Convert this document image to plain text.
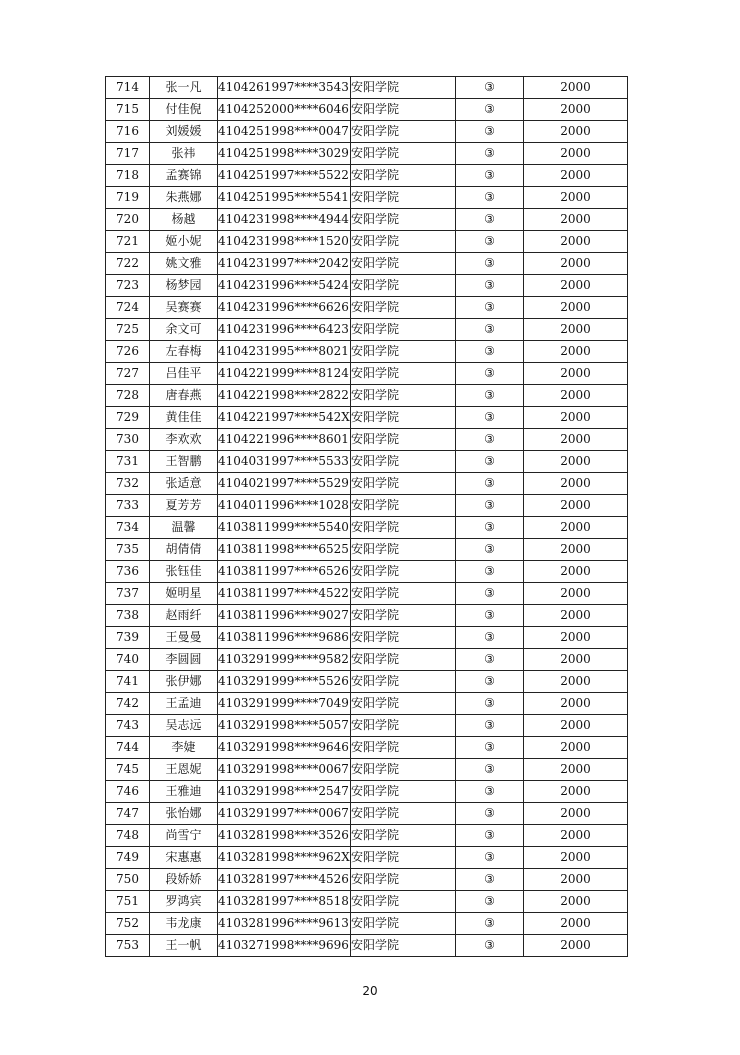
714	张一凡	4104261997****3543	安阳学院	③	2000
715	付佳倪	4104252000****6046	安阳学院	③	2000
716	刘媛媛	4104251998****0047	安阳学院	③	2000
717	张祎	4104251998****3029	安阳学院	③	2000
718	孟赛锦	4104251997****5522	安阳学院	③	2000
719	朱燕娜	4104251995****5541	安阳学院	③	2000
720	杨越	4104231998****4944	安阳学院	③	2000
721	姬小妮	4104231998****1520	安阳学院	③	2000
722	姚文雅	4104231997****2042	安阳学院	③	2000
723	杨梦园	4104231996****5424	安阳学院	③	2000
724	吴赛赛	4104231996****6626	安阳学院	③	2000
725	余文可	4104231996****6423	安阳学院	③	2000
726	左春梅	4104231995****8021	安阳学院	③	2000
727	吕佳平	4104221999****8124	安阳学院	③	2000
728	唐春燕	4104221998****2822	安阳学院	③	2000
729	黄佳佳	4104221997****542X	安阳学院	③	2000
730	李欢欢	4104221996****8601	安阳学院	③	2000
731	王智鹏	4104031997****5533	安阳学院	③	2000
732	张适意	4104021997****5529	安阳学院	③	2000
733	夏芳芳	4104011996****1028	安阳学院	③	2000
734	温馨	4103811999****5540	安阳学院	③	2000
735	胡倩倩	4103811998****6525	安阳学院	③	2000
736	张钰佳	4103811997****6526	安阳学院	③	2000
737	姬明星	4103811997****4522	安阳学院	③	2000
738	赵雨纤	4103811996****9027	安阳学院	③	2000
739	王曼曼	4103811996****9686	安阳学院	③	2000
740	李圆圆	4103291999****9582	安阳学院	③	2000
741	张伊娜	4103291999****5526	安阳学院	③	2000
742	王孟迪	4103291999****7049	安阳学院	③	2000
743	吴志远	4103291998****5057	安阳学院	③	2000
744	李婕	4103291998****9646	安阳学院	③	2000
745	王恩妮	4103291998****0067	安阳学院	③	2000
746	王雅迪	4103291998****2547	安阳学院	③	2000
747	张怡娜	4103291997****0067	安阳学院	③	2000
748	尚雪宁	4103281998****3526	安阳学院	③	2000
749	宋惠惠	4103281998****962X	安阳学院	③	2000
750	段娇娇	4103281997****4526	安阳学院	③	2000
751	罗鸿宾	4103281997****8518	安阳学院	③	2000
752	韦龙康	4103281996****9613	安阳学院	③	2000
753	王一帆	4103271998****9696	安阳学院	③	2000
20
